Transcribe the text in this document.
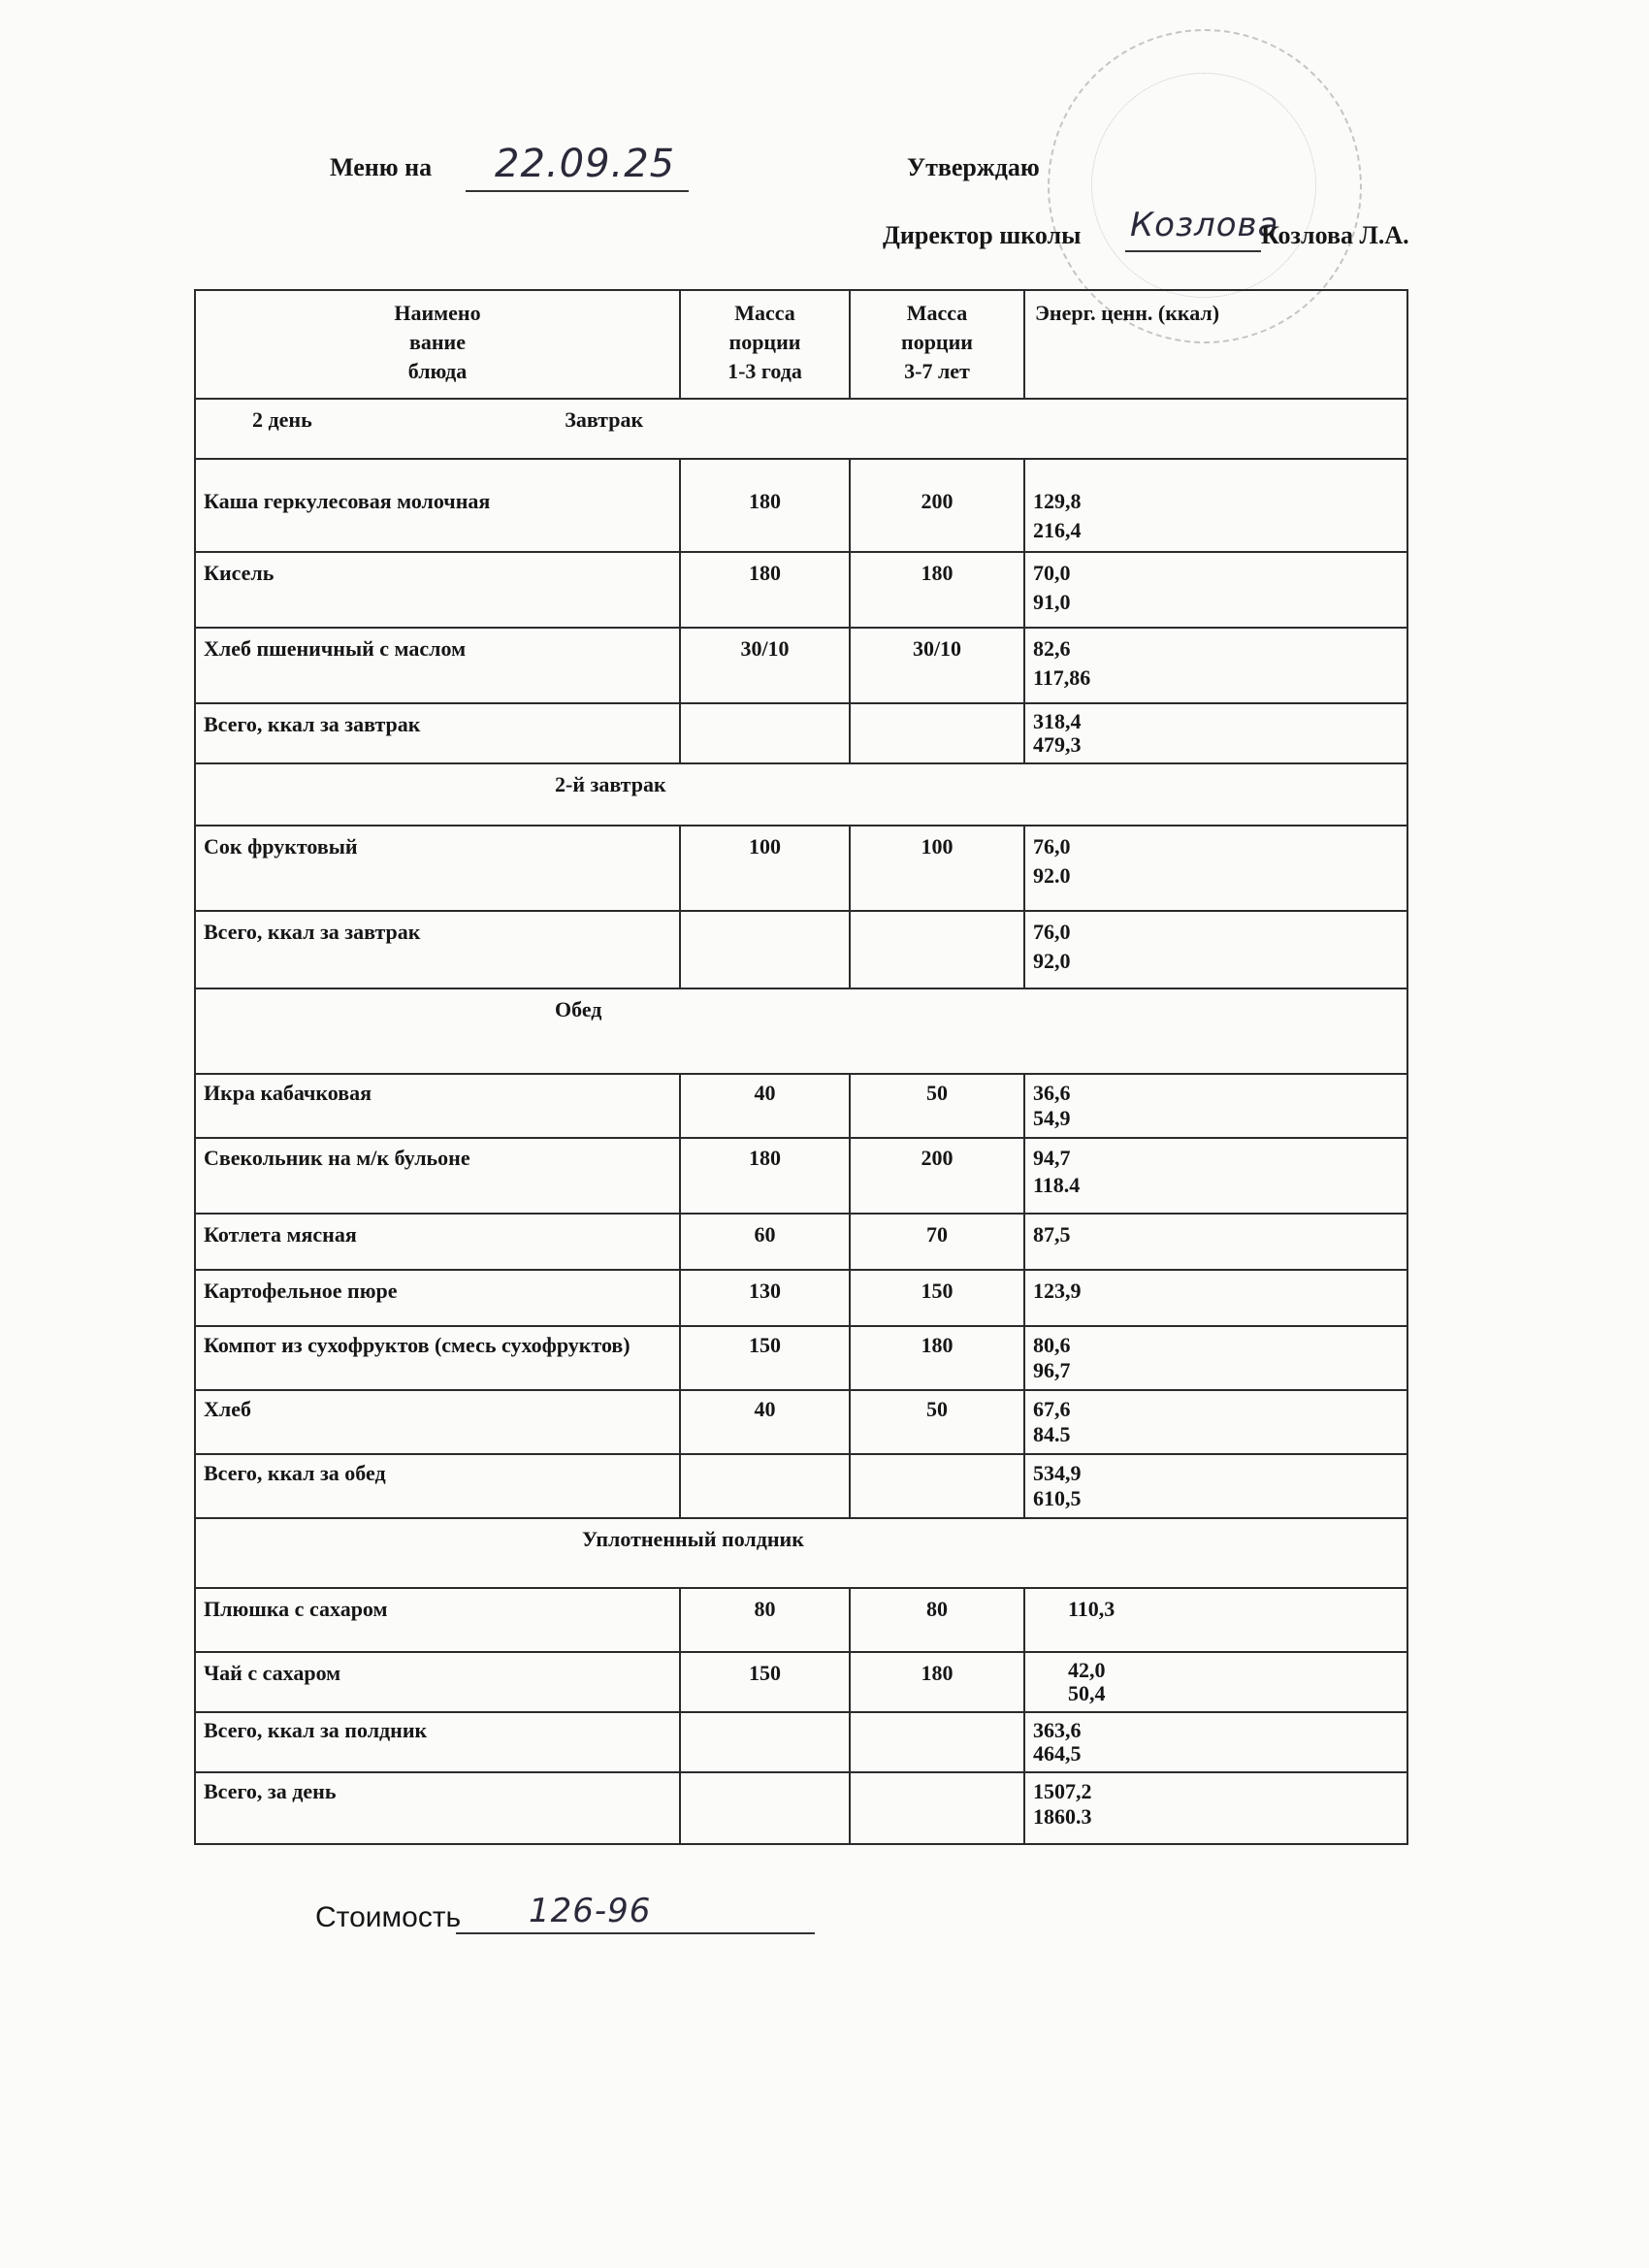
Меню на 22.09.25	Утверждаю
Директор школы Козлова
Козлова Л.А.
Наимено
вание
блюда	Масса
порции
1-3 года	Масса
порции
3-7 лет	Энерг. ценн. (ккал)
2 день Завтрак			
Каша геркулесовая молочная	180	200	129,8
216,4

Кисель	180	180	70,0
91,0

Хлеб пшеничный с маслом	30/10	30/10	82,6
117,86

Всего, ккал за завтрак			318,4
479,3

2-й завтрак			
Сок фруктовый	100	100	76,0
92.0

Всего, ккал за завтрак			76,0
92,0

Обед			
Икра кабачковая	40	50	36,6
54,9

Свекольник на м/к бульоне	180	200	94,7
118.4

Котлета мясная	60	70	87,5

Картофельное пюре	130	150	123,9

Компот из сухофруктов (смесь сухофруктов)	150	180	80,6
96,7

Хлеб	40	50	67,6
84.5

Всего, ккал за обед			534,9
610,5

Уплотненный полдник			
Плюшка с сахаром	80	80	110,3

Чай с сахаром	150	180	42,0
50,4

Всего, ккал за полдник			363,6
464,5

Всего, за день			1507,2
1860.3
Стоимость 126-96
